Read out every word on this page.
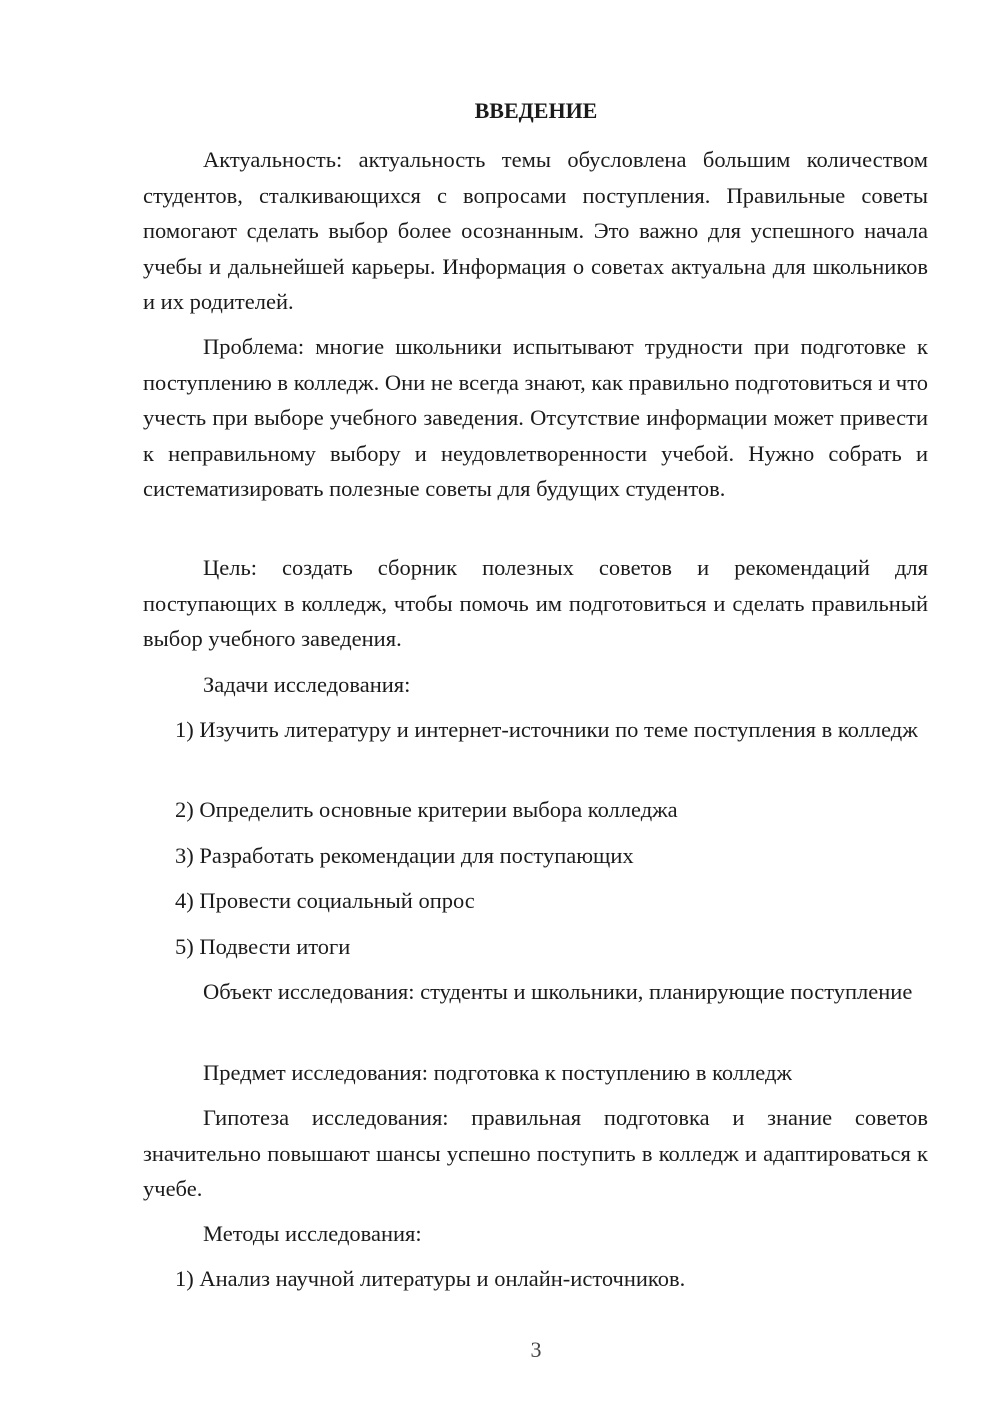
ВВЕДЕНИЕ
Актуальность: актуальность темы обусловлена большим количеством студентов, сталкивающихся с вопросами поступления. Правильные советы помогают сделать выбор более осознанным. Это важно для успешного начала учебы и дальнейшей карьеры. Информация о советах актуальна для школьников и их родителей.
Проблема: многие школьники испытывают трудности при подготовке к поступлению в колледж. Они не всегда знают, как правильно подготовиться и что учесть при выборе учебного заведения. Отсутствие информации может привести к неправильному выбору и неудовлетворенности учебой. Нужно собрать и систематизировать полезные советы для будущих студентов.
Цель: создать сборник полезных советов и рекомендаций для поступающих в колледж, чтобы помочь им подготовиться и сделать правильный выбор учебного заведения.
Задачи исследования:
1) Изучить литературу и интернет-источники по теме поступления в колледж
2) Определить основные критерии выбора колледжа
3) Разработать рекомендации для поступающих
4) Провести социальный опрос
5) Подвести итоги
Объект исследования: студенты и школьники, планирующие поступление
Предмет исследования: подготовка к поступлению в колледж
Гипотеза исследования: правильная подготовка и знание советов значительно повышают шансы успешно поступить в колледж и адаптироваться к учебе.
Методы исследования:
1) Анализ научной литературы и онлайн-источников.
3
